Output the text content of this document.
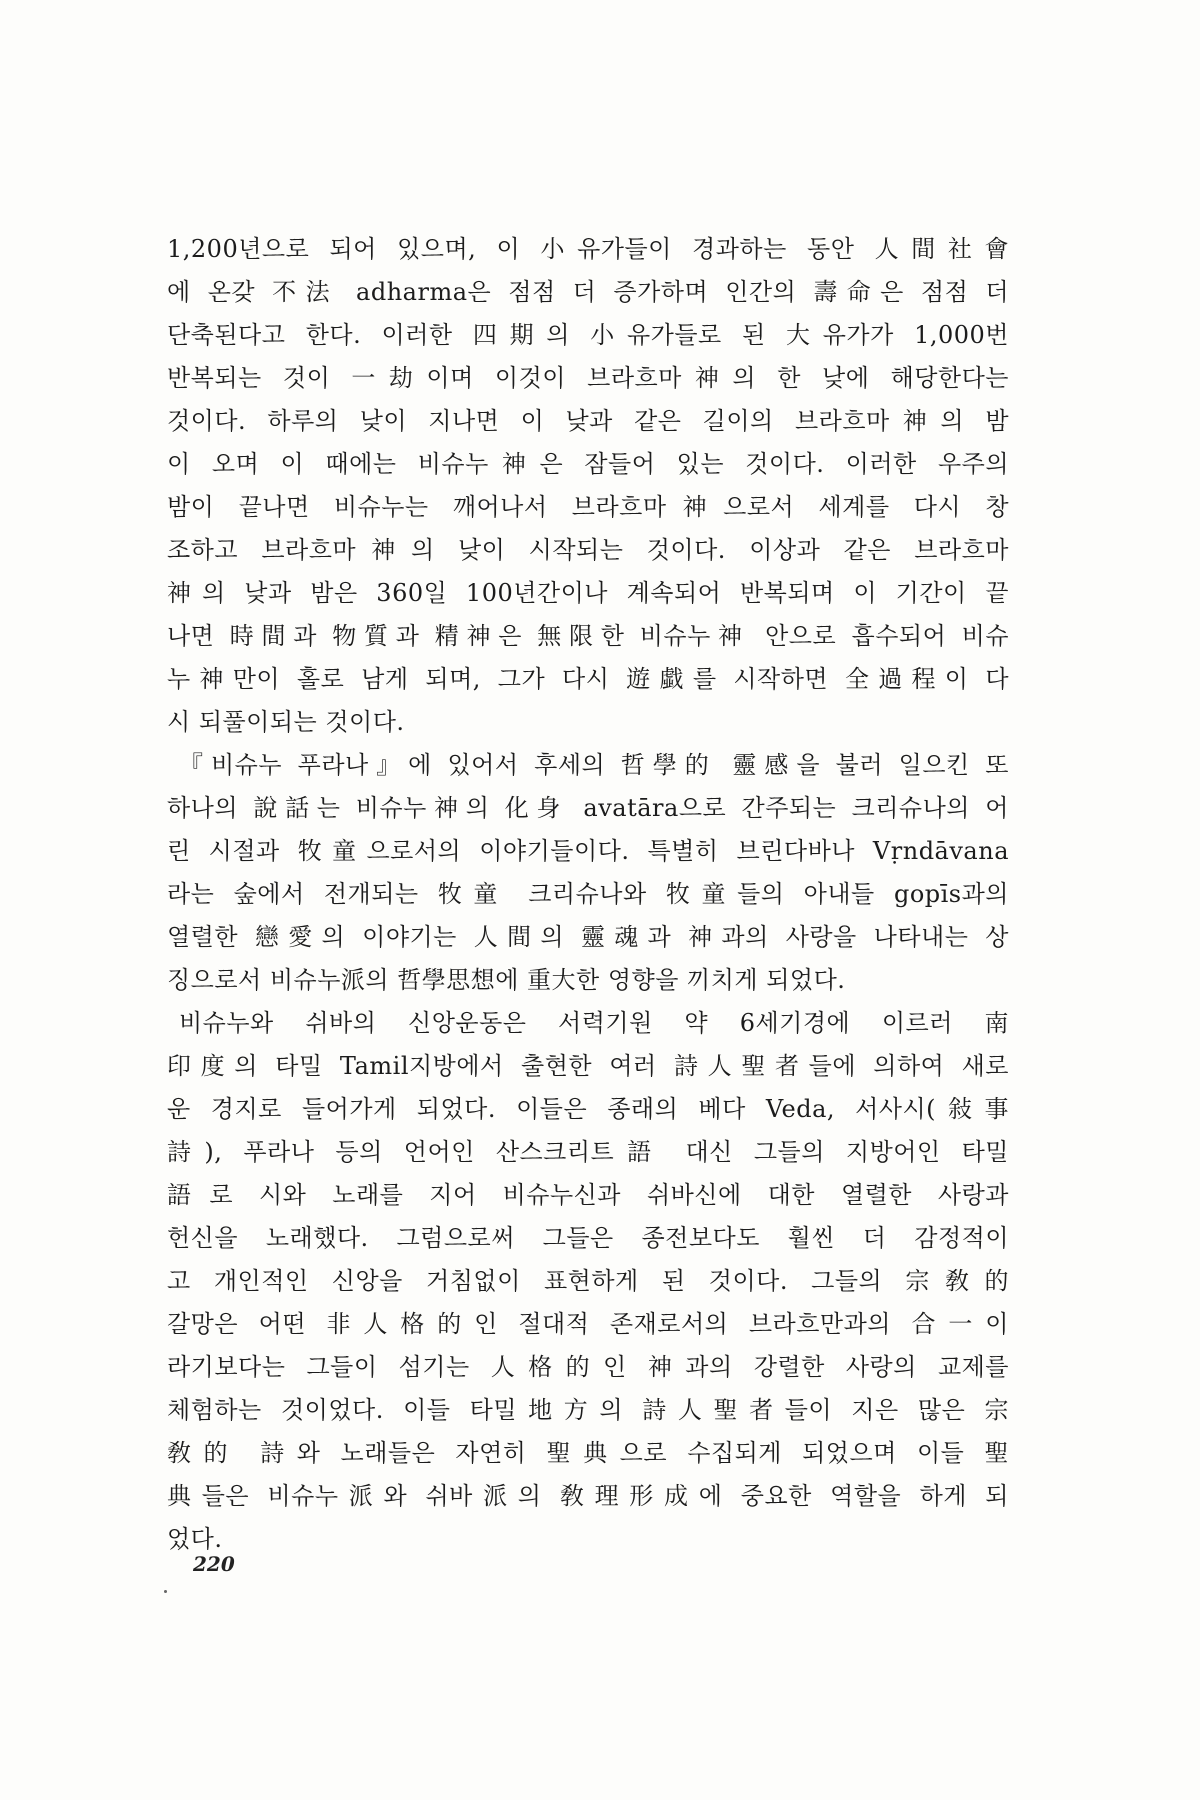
1,200년으로 되어 있으며, 이 小유가들이 경과하는 동안 人間社會
에 온갖 不法 adharma은 점점 더 증가하며 인간의 壽命은 점점 더
단축된다고 한다. 이러한 四期의 小유가들로 된 大유가가 1,000번
반복되는 것이 一劫이며 이것이 브라흐마神의 한 낮에 해당한다는
것이다. 하루의 낮이 지나면 이 낮과 같은 길이의 브라흐마神의 밤
이 오며 이 때에는 비슈누神은 잠들어 있는 것이다. 이러한 우주의
밤이 끝나면 비슈누는 깨어나서 브라흐마神으로서 세계를 다시 창
조하고 브라흐마神의 낮이 시작되는 것이다. 이상과 같은 브라흐마
神의 낮과 밤은 360일 100년간이나 계속되어 반복되며 이 기간이 끝
나면 時間과 物質과 精神은 無限한 비슈누神 안으로 흡수되어 비슈
누神만이 홀로 남게 되며, 그가 다시 遊戱를 시작하면 全過程이 다
시 되풀이되는 것이다.
『비슈누 푸라나』에 있어서 후세의 哲學的 靈感을 불러 일으킨 또
하나의 說話는 비슈누神의 化身 avatāra으로 간주되는 크리슈나의 어
린 시절과 牧童으로서의 이야기들이다. 특별히 브린다바나 Vṛndāvana
라는 숲에서 전개되는 牧童 크리슈나와 牧童들의 아내들 gopīs과의
열렬한 戀愛의 이야기는 人間의 靈魂과 神과의 사랑을 나타내는 상
징으로서 비슈누派의 哲學思想에 重大한 영향을 끼치게 되었다.
비슈누와 쉬바의 신앙운동은 서력기원 약 6세기경에 이르러 南
印度의 타밀 Tamil지방에서 출현한 여러 詩人聖者들에 의하여 새로
운 경지로 들어가게 되었다. 이들은 종래의 베다 Veda, 서사시(敍事
詩), 푸라나 등의 언어인 산스크리트語 대신 그들의 지방어인 타밀
語로 시와 노래를 지어 비슈누신과 쉬바신에 대한 열렬한 사랑과
헌신을 노래했다. 그럼으로써 그들은 종전보다도 훨씬 더 감정적이
고 개인적인 신앙을 거침없이 표현하게 된 것이다. 그들의 宗敎的
갈망은 어떤 非人格的인 절대적 존재로서의 브라흐만과의 合一이
라기보다는 그들이 섬기는 人格的인 神과의 강렬한 사랑의 교제를
체험하는 것이었다. 이들 타밀地方의 詩人聖者들이 지은 많은 宗
敎的 詩와 노래들은 자연히 聖典으로 수집되게 되었으며 이들 聖
典들은 비슈누派와 쉬바派의 敎理形成에 중요한 역할을 하게 되
었다.
220
